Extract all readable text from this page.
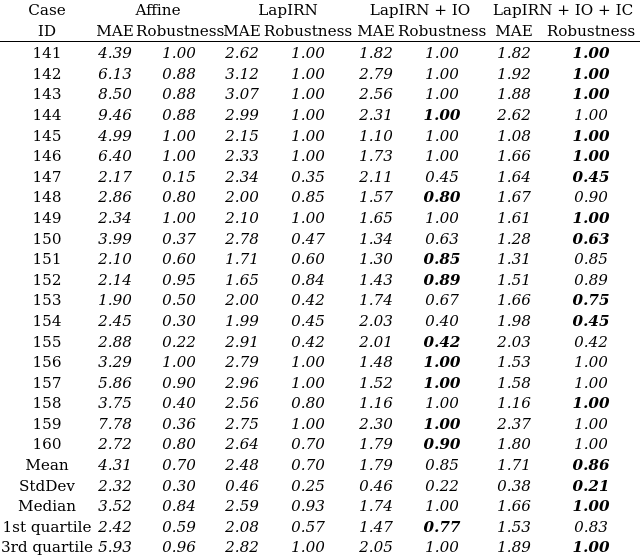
Case	Affine		LapIRN		LapIRN + IO		LapIRN + IO + IC	
ID	MAE	Robustness	MAE	Robustness	MAE	Robustness	MAE	Robustness
141	4.39	1.00	2.62	1.00	1.82	1.00	1.82	1.00
142	6.13	0.88	3.12	1.00	2.79	1.00	1.92	1.00
143	8.50	0.88	3.07	1.00	2.56	1.00	1.88	1.00
144	9.46	0.88	2.99	1.00	2.31	1.00	2.62	1.00
145	4.99	1.00	2.15	1.00	1.10	1.00	1.08	1.00
146	6.40	1.00	2.33	1.00	1.73	1.00	1.66	1.00
147	2.17	0.15	2.34	0.35	2.11	0.45	1.64	0.45
148	2.86	0.80	2.00	0.85	1.57	0.80	1.67	0.90
149	2.34	1.00	2.10	1.00	1.65	1.00	1.61	1.00
150	3.99	0.37	2.78	0.47	1.34	0.63	1.28	0.63
151	2.10	0.60	1.71	0.60	1.30	0.85	1.31	0.85
152	2.14	0.95	1.65	0.84	1.43	0.89	1.51	0.89
153	1.90	0.50	2.00	0.42	1.74	0.67	1.66	0.75
154	2.45	0.30	1.99	0.45	2.03	0.40	1.98	0.45
155	2.88	0.22	2.91	0.42	2.01	0.42	2.03	0.42
156	3.29	1.00	2.79	1.00	1.48	1.00	1.53	1.00
157	5.86	0.90	2.96	1.00	1.52	1.00	1.58	1.00
158	3.75	0.40	2.56	0.80	1.16	1.00	1.16	1.00
159	7.78	0.36	2.75	1.00	2.30	1.00	2.37	1.00
160	2.72	0.80	2.64	0.70	1.79	0.90	1.80	1.00
Mean	4.31	0.70	2.48	0.70	1.79	0.85	1.71	0.86
StdDev	2.32	0.30	0.46	0.25	0.46	0.22	0.38	0.21
Median	3.52	0.84	2.59	0.93	1.74	1.00	1.66	1.00
1st quartile	2.42	0.59	2.08	0.57	1.47	0.77	1.53	0.83
3rd quartile	5.93	0.96	2.82	1.00	2.05	1.00	1.89	1.00
